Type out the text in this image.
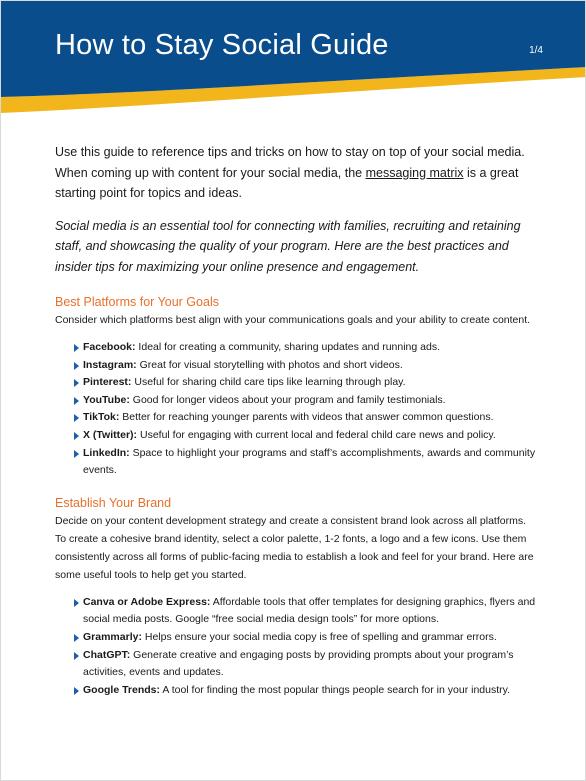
How to Stay Social Guide	1/4

Use this guide to reference tips and tricks on how to stay on top of your social media. When coming up with content for your social media, the messaging matrix is a great starting point for topics and ideas.

Social media is an essential tool for connecting with families, recruiting and retaining staff, and showcasing the quality of your program. Here are the best practices and insider tips for maximizing your online presence and engagement.

Best Platforms for Your Goals

Consider which platforms best align with your communications goals and your ability to create content.

Facebook: Ideal for creating a community, sharing updates and running ads.
Instagram: Great for visual storytelling with photos and short videos.
Pinterest: Useful for sharing child care tips like learning through play.
YouTube: Good for longer videos about your program and family testimonials.
TikTok: Better for reaching younger parents with videos that answer common questions.
X (Twitter): Useful for engaging with current local and federal child care news and policy.
LinkedIn: Space to highlight your programs and staff’s accomplishments, awards and community events.
Establish Your Brand

Decide on your content development strategy and create a consistent brand look across all platforms. To create a cohesive brand identity, select a color palette, 1-2 fonts, a logo and a few icons. Use them consistently across all forms of public-facing media to establish a look and feel for your brand. Here are some useful tools to help get you started.

Canva or Adobe Express: Affordable tools that offer templates for designing graphics, flyers and social media posts. Google “free social media design tools” for more options.
Grammarly: Helps ensure your social media copy is free of spelling and grammar errors.
ChatGPT: Generate creative and engaging posts by providing prompts about your program’s activities, events and updates.
Google Trends: A tool for finding the most popular things people search for in your industry.
